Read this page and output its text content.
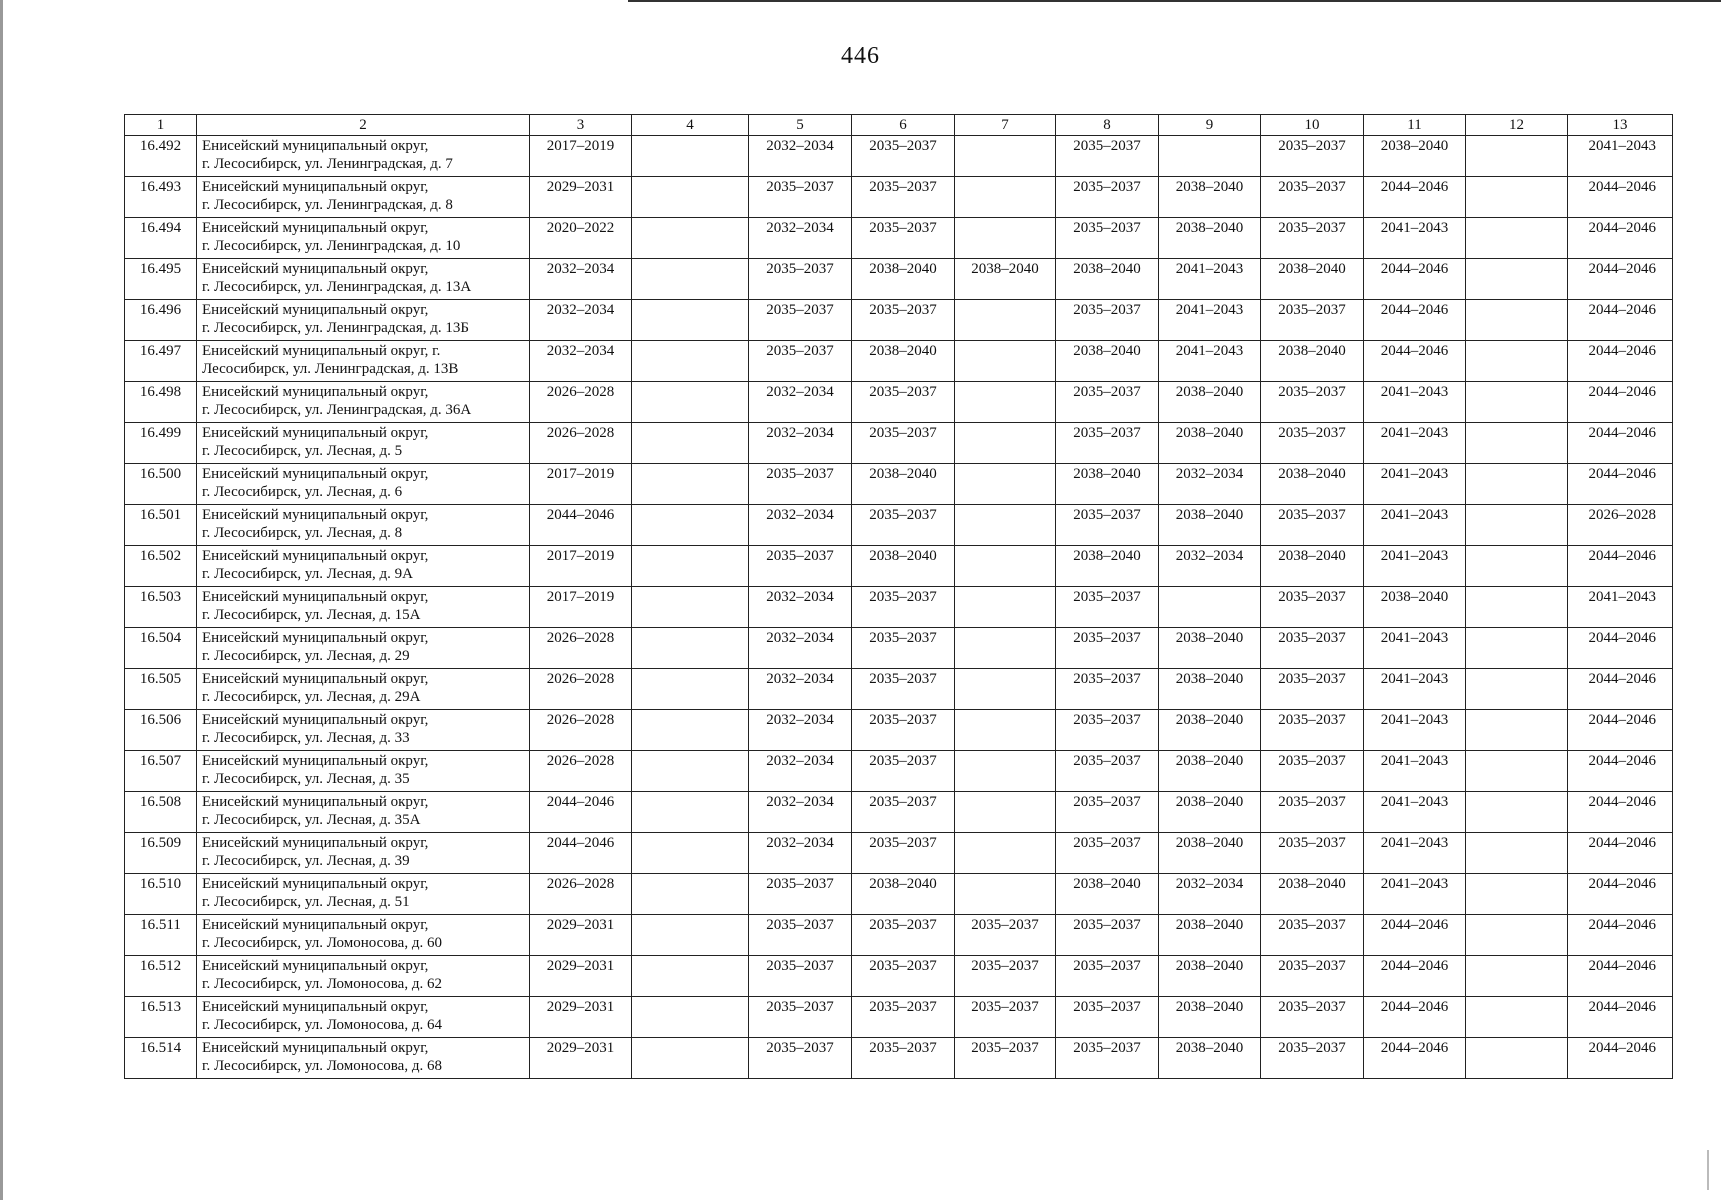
446
1	2	3	4	5	6	7	8	9	10	11	12	13
16.492	Енисейский муниципальный округ,
г. Лесосибирск, ул. Ленинградская, д. 7	2017–2019		2032–2034	2035–2037		2035–2037		2035–2037	2038–2040		2041–2043
16.493	Енисейский муниципальный округ,
г. Лесосибирск, ул. Ленинградская, д. 8	2029–2031		2035–2037	2035–2037		2035–2037	2038–2040	2035–2037	2044–2046		2044–2046
16.494	Енисейский муниципальный округ,
г. Лесосибирск, ул. Ленинградская, д. 10	2020–2022		2032–2034	2035–2037		2035–2037	2038–2040	2035–2037	2041–2043		2044–2046
16.495	Енисейский муниципальный округ,
г. Лесосибирск, ул. Ленинградская, д. 13А	2032–2034		2035–2037	2038–2040	2038–2040	2038–2040	2041–2043	2038–2040	2044–2046		2044–2046
16.496	Енисейский муниципальный округ,
г. Лесосибирск, ул. Ленинградская, д. 13Б	2032–2034		2035–2037	2035–2037		2035–2037	2041–2043	2035–2037	2044–2046		2044–2046
16.497	Енисейский муниципальный округ, г.
Лесосибирск, ул. Ленинградская, д. 13В	2032–2034		2035–2037	2038–2040		2038–2040	2041–2043	2038–2040	2044–2046		2044–2046
16.498	Енисейский муниципальный округ,
г. Лесосибирск, ул. Ленинградская, д. 36А	2026–2028		2032–2034	2035–2037		2035–2037	2038–2040	2035–2037	2041–2043		2044–2046
16.499	Енисейский муниципальный округ,
г. Лесосибирск, ул. Лесная, д. 5	2026–2028		2032–2034	2035–2037		2035–2037	2038–2040	2035–2037	2041–2043		2044–2046
16.500	Енисейский муниципальный округ,
г. Лесосибирск, ул. Лесная, д. 6	2017–2019		2035–2037	2038–2040		2038–2040	2032–2034	2038–2040	2041–2043		2044–2046
16.501	Енисейский муниципальный округ,
г. Лесосибирск, ул. Лесная, д. 8	2044–2046		2032–2034	2035–2037		2035–2037	2038–2040	2035–2037	2041–2043		2026–2028
16.502	Енисейский муниципальный округ,
г. Лесосибирск, ул. Лесная, д. 9А	2017–2019		2035–2037	2038–2040		2038–2040	2032–2034	2038–2040	2041–2043		2044–2046
16.503	Енисейский муниципальный округ,
г. Лесосибирск, ул. Лесная, д. 15А	2017–2019		2032–2034	2035–2037		2035–2037		2035–2037	2038–2040		2041–2043
16.504	Енисейский муниципальный округ,
г. Лесосибирск, ул. Лесная, д. 29	2026–2028		2032–2034	2035–2037		2035–2037	2038–2040	2035–2037	2041–2043		2044–2046
16.505	Енисейский муниципальный округ,
г. Лесосибирск, ул. Лесная, д. 29А	2026–2028		2032–2034	2035–2037		2035–2037	2038–2040	2035–2037	2041–2043		2044–2046
16.506	Енисейский муниципальный округ,
г. Лесосибирск, ул. Лесная, д. 33	2026–2028		2032–2034	2035–2037		2035–2037	2038–2040	2035–2037	2041–2043		2044–2046
16.507	Енисейский муниципальный округ,
г. Лесосибирск, ул. Лесная, д. 35	2026–2028		2032–2034	2035–2037		2035–2037	2038–2040	2035–2037	2041–2043		2044–2046
16.508	Енисейский муниципальный округ,
г. Лесосибирск, ул. Лесная, д. 35А	2044–2046		2032–2034	2035–2037		2035–2037	2038–2040	2035–2037	2041–2043		2044–2046
16.509	Енисейский муниципальный округ,
г. Лесосибирск, ул. Лесная, д. 39	2044–2046		2032–2034	2035–2037		2035–2037	2038–2040	2035–2037	2041–2043		2044–2046
16.510	Енисейский муниципальный округ,
г. Лесосибирск, ул. Лесная, д. 51	2026–2028		2035–2037	2038–2040		2038–2040	2032–2034	2038–2040	2041–2043		2044–2046
16.511	Енисейский муниципальный округ,
г. Лесосибирск, ул. Ломоносова, д. 60	2029–2031		2035–2037	2035–2037	2035–2037	2035–2037	2038–2040	2035–2037	2044–2046		2044–2046
16.512	Енисейский муниципальный округ,
г. Лесосибирск, ул. Ломоносова, д. 62	2029–2031		2035–2037	2035–2037	2035–2037	2035–2037	2038–2040	2035–2037	2044–2046		2044–2046
16.513	Енисейский муниципальный округ,
г. Лесосибирск, ул. Ломоносова, д. 64	2029–2031		2035–2037	2035–2037	2035–2037	2035–2037	2038–2040	2035–2037	2044–2046		2044–2046
16.514	Енисейский муниципальный округ,
г. Лесосибирск, ул. Ломоносова, д. 68	2029–2031		2035–2037	2035–2037	2035–2037	2035–2037	2038–2040	2035–2037	2044–2046		2044–2046
